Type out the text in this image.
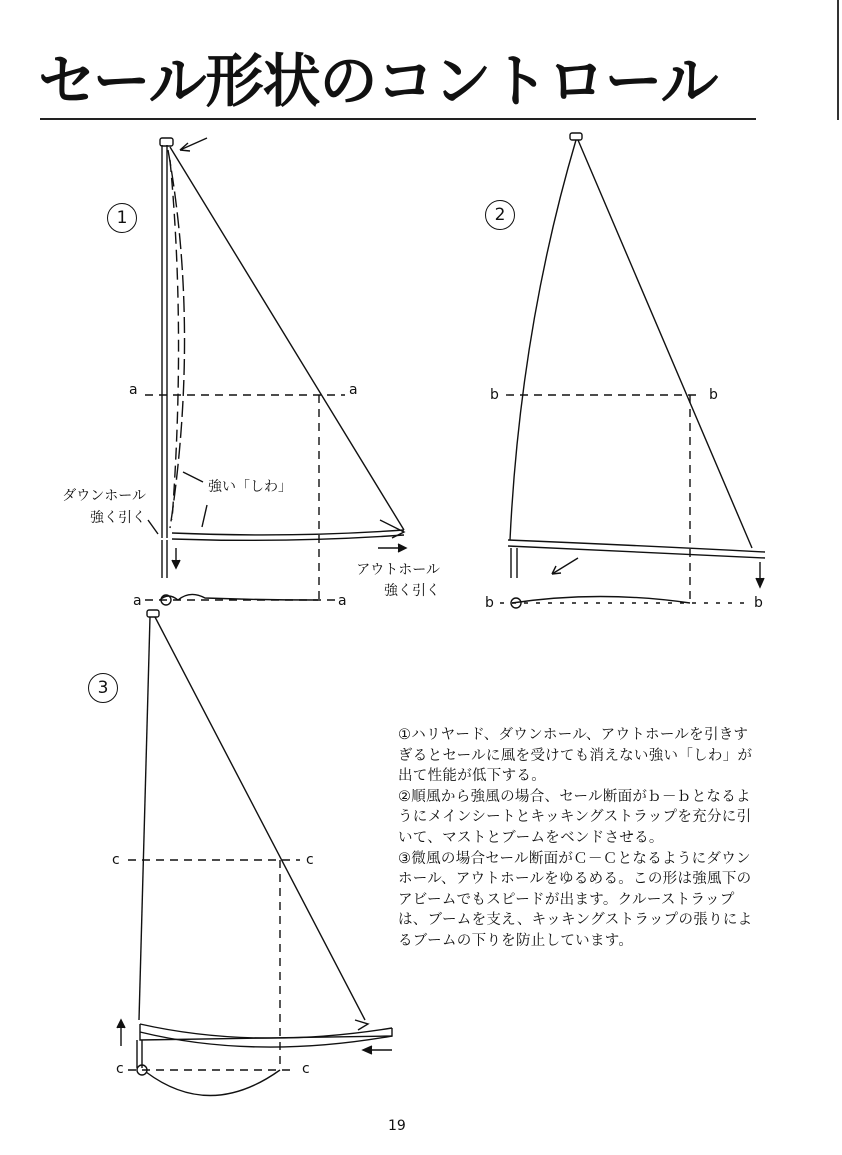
セール形状のコントロール
1	2
3
a	a
a	a
強い「しわ」
ダウンホール
強く引く
アウトホール
強く引く
b	b
b	b
c	c
c	c

①ハリヤード、ダウンホール、アウトホールを引きすぎるとセールに風を受けても消えない強い「しわ」が出て性能が低下する。

②順風から強風の場合、セール断面がｂ－ｂとなるようにメインシートとキッキングストラップを充分に引いて、マストとブームをベンドさせる。

③微風の場合セール断面がＣ－Ｃとなるようにダウンホール、アウトホールをゆるめる。この形は強風下のアビームでもスピードが出ます。クルーストラップは、ブームを支え、キッキングストラップの張りによるブームの下りを防止しています。

19
